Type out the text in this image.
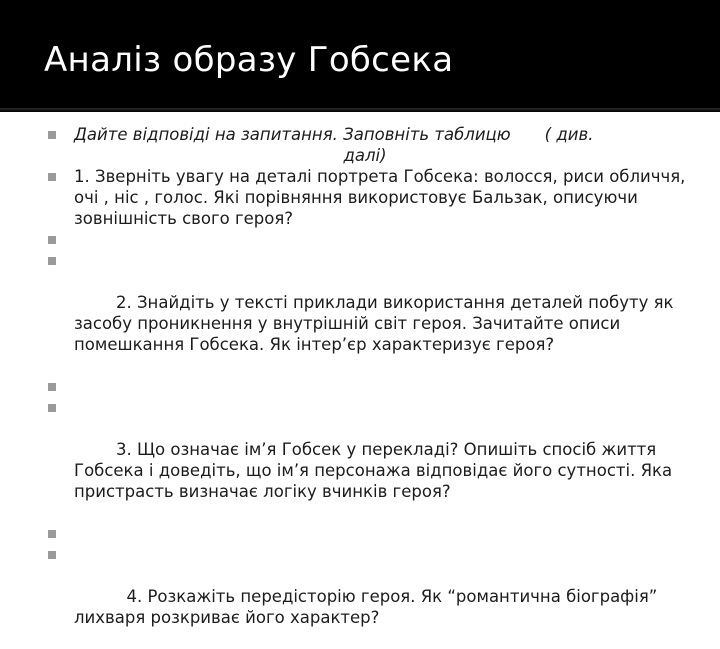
Аналіз образу Гобсека
Дайте відповіді на запитання. Заповніть таблицю ( див.
далі)
1. Зверніть увагу на деталі портрета Гобсека: волосся, риси обличчя, очі , ніс , голос. Які порівняння використовує Бальзак, описуючи зовнішність свого героя?

2. Знайдіть у тексті приклади використання деталей побуту як засобу проникнення у внутрішній світ героя. Зачитайте описи помешкання Гобсека. Як інтер’єр характеризує героя?

3. Що означає ім’я Гобсек у перекладі? Опишіть спосіб життя Гобсека і доведіть, що ім’я персонажа відповідає його сутності. Яка пристрасть визначає логіку вчинків героя?

4. Розкажіть передісторію героя. Як “романтична біографія” лихваря розкриває його характер?
